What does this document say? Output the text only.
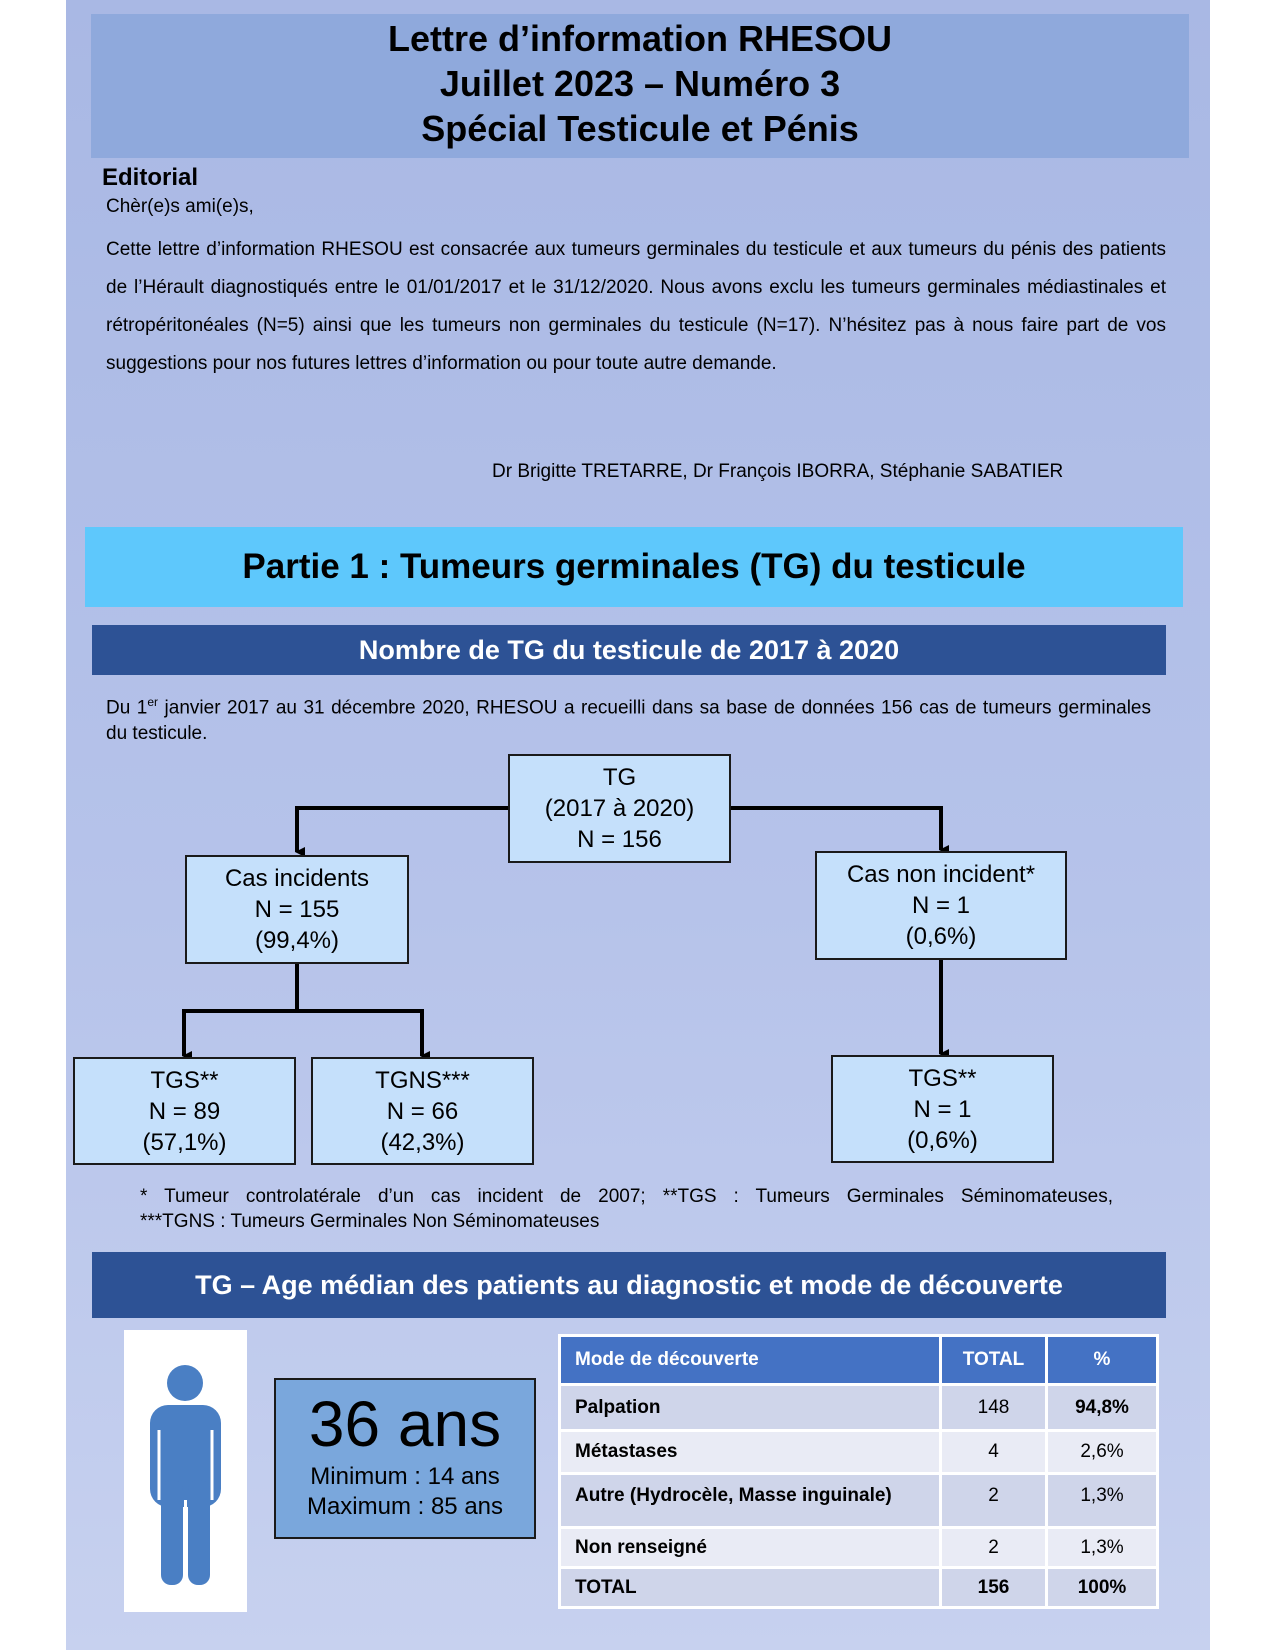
Lettre d’information RHESOU
Juillet 2023 – Numéro 3
Spécial Testicule et Pénis
Editorial
Chèr(e)s ami(e)s,
Cette lettre d’information RHESOU est consacrée aux tumeurs germinales du testicule et aux tumeurs du pénis des patients de l’Hérault diagnostiqués entre le 01/01/2017 et le 31/12/2020. Nous avons exclu les tumeurs germinales médiastinales et rétropéritonéales (N=5) ainsi que les tumeurs non germinales du testicule (N=17). N’hésitez pas à nous faire part de vos suggestions pour nos futures lettres d’information ou pour toute autre demande.
Dr Brigitte TRETARRE, Dr François IBORRA, Stéphanie SABATIER
Partie 1 : Tumeurs germinales (TG) du testicule
Nombre de TG du testicule de 2017 à 2020
Du 1er janvier 2017 au 31 décembre 2020, RHESOU a recueilli dans sa base de données 156 cas de tumeurs germinales du testicule.
TG
(2017 à 2020)
N = 156
Cas incidents
N = 155
(99,4%)
Cas non incident*
N = 1
(0,6%)
TGS**
N = 89
(57,1%)
TGNS***
N = 66
(42,3%)
TGS**
N = 1
(0,6%)
* Tumeur controlatérale d’un cas incident de 2007; **TGS : Tumeurs Germinales Séminomateuses,
***TGNS : Tumeurs Germinales Non Séminomateuses
TG – Age médian des patients au diagnostic et mode de découverte
36 ans
Minimum : 14 ans
Maximum : 85 ans
Mode de découverte	TOTAL	%
Palpation	148	94,8%
Métastases	4	2,6%
Autre (Hydrocèle, Masse inguinale)	2	1,3%
Non renseigné	2	1,3%
TOTAL	156	100%
